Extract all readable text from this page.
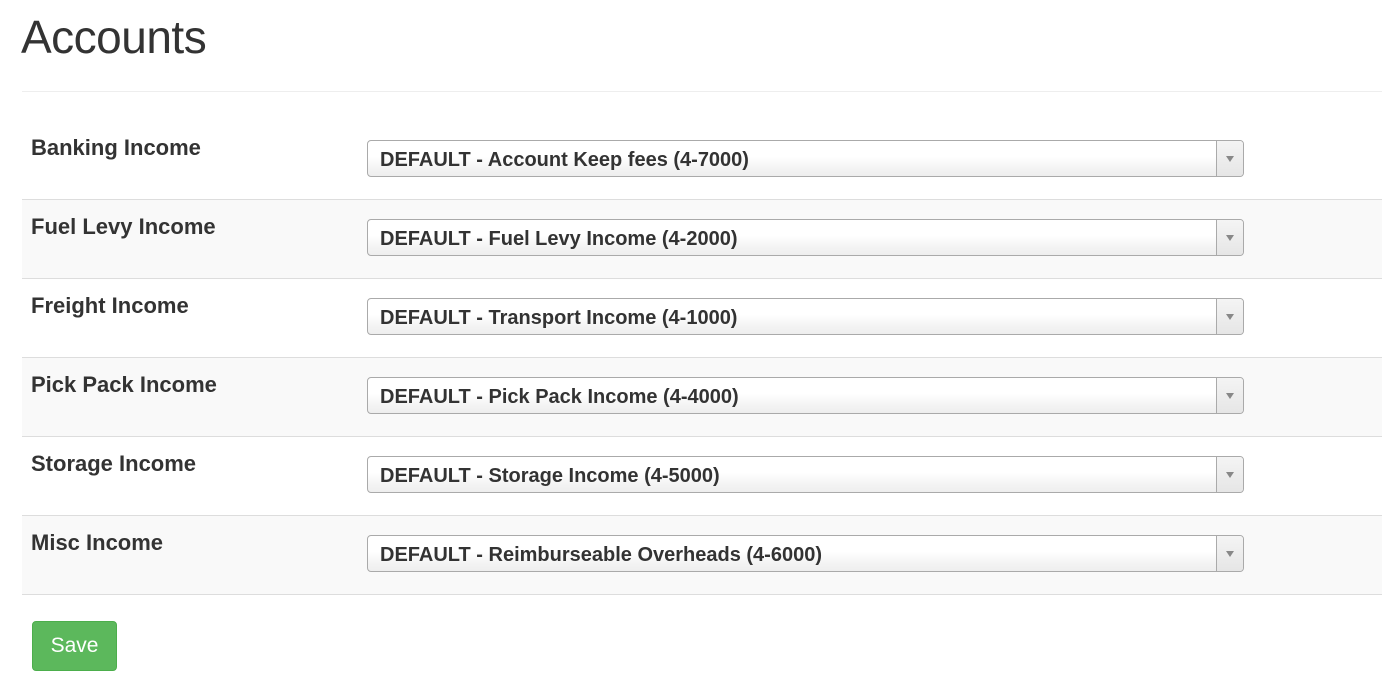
Accounts
Banking Income	DEFAULT - Account Keep fees (4-7000)
Fuel Levy Income	DEFAULT - Fuel Levy Income (4-2000)
Freight Income	DEFAULT - Transport Income (4-1000)
Pick Pack Income	DEFAULT - Pick Pack Income (4-4000)
Storage Income	DEFAULT - Storage Income (4-5000)
Misc Income	DEFAULT - Reimburseable Overheads (4-6000)
Save
